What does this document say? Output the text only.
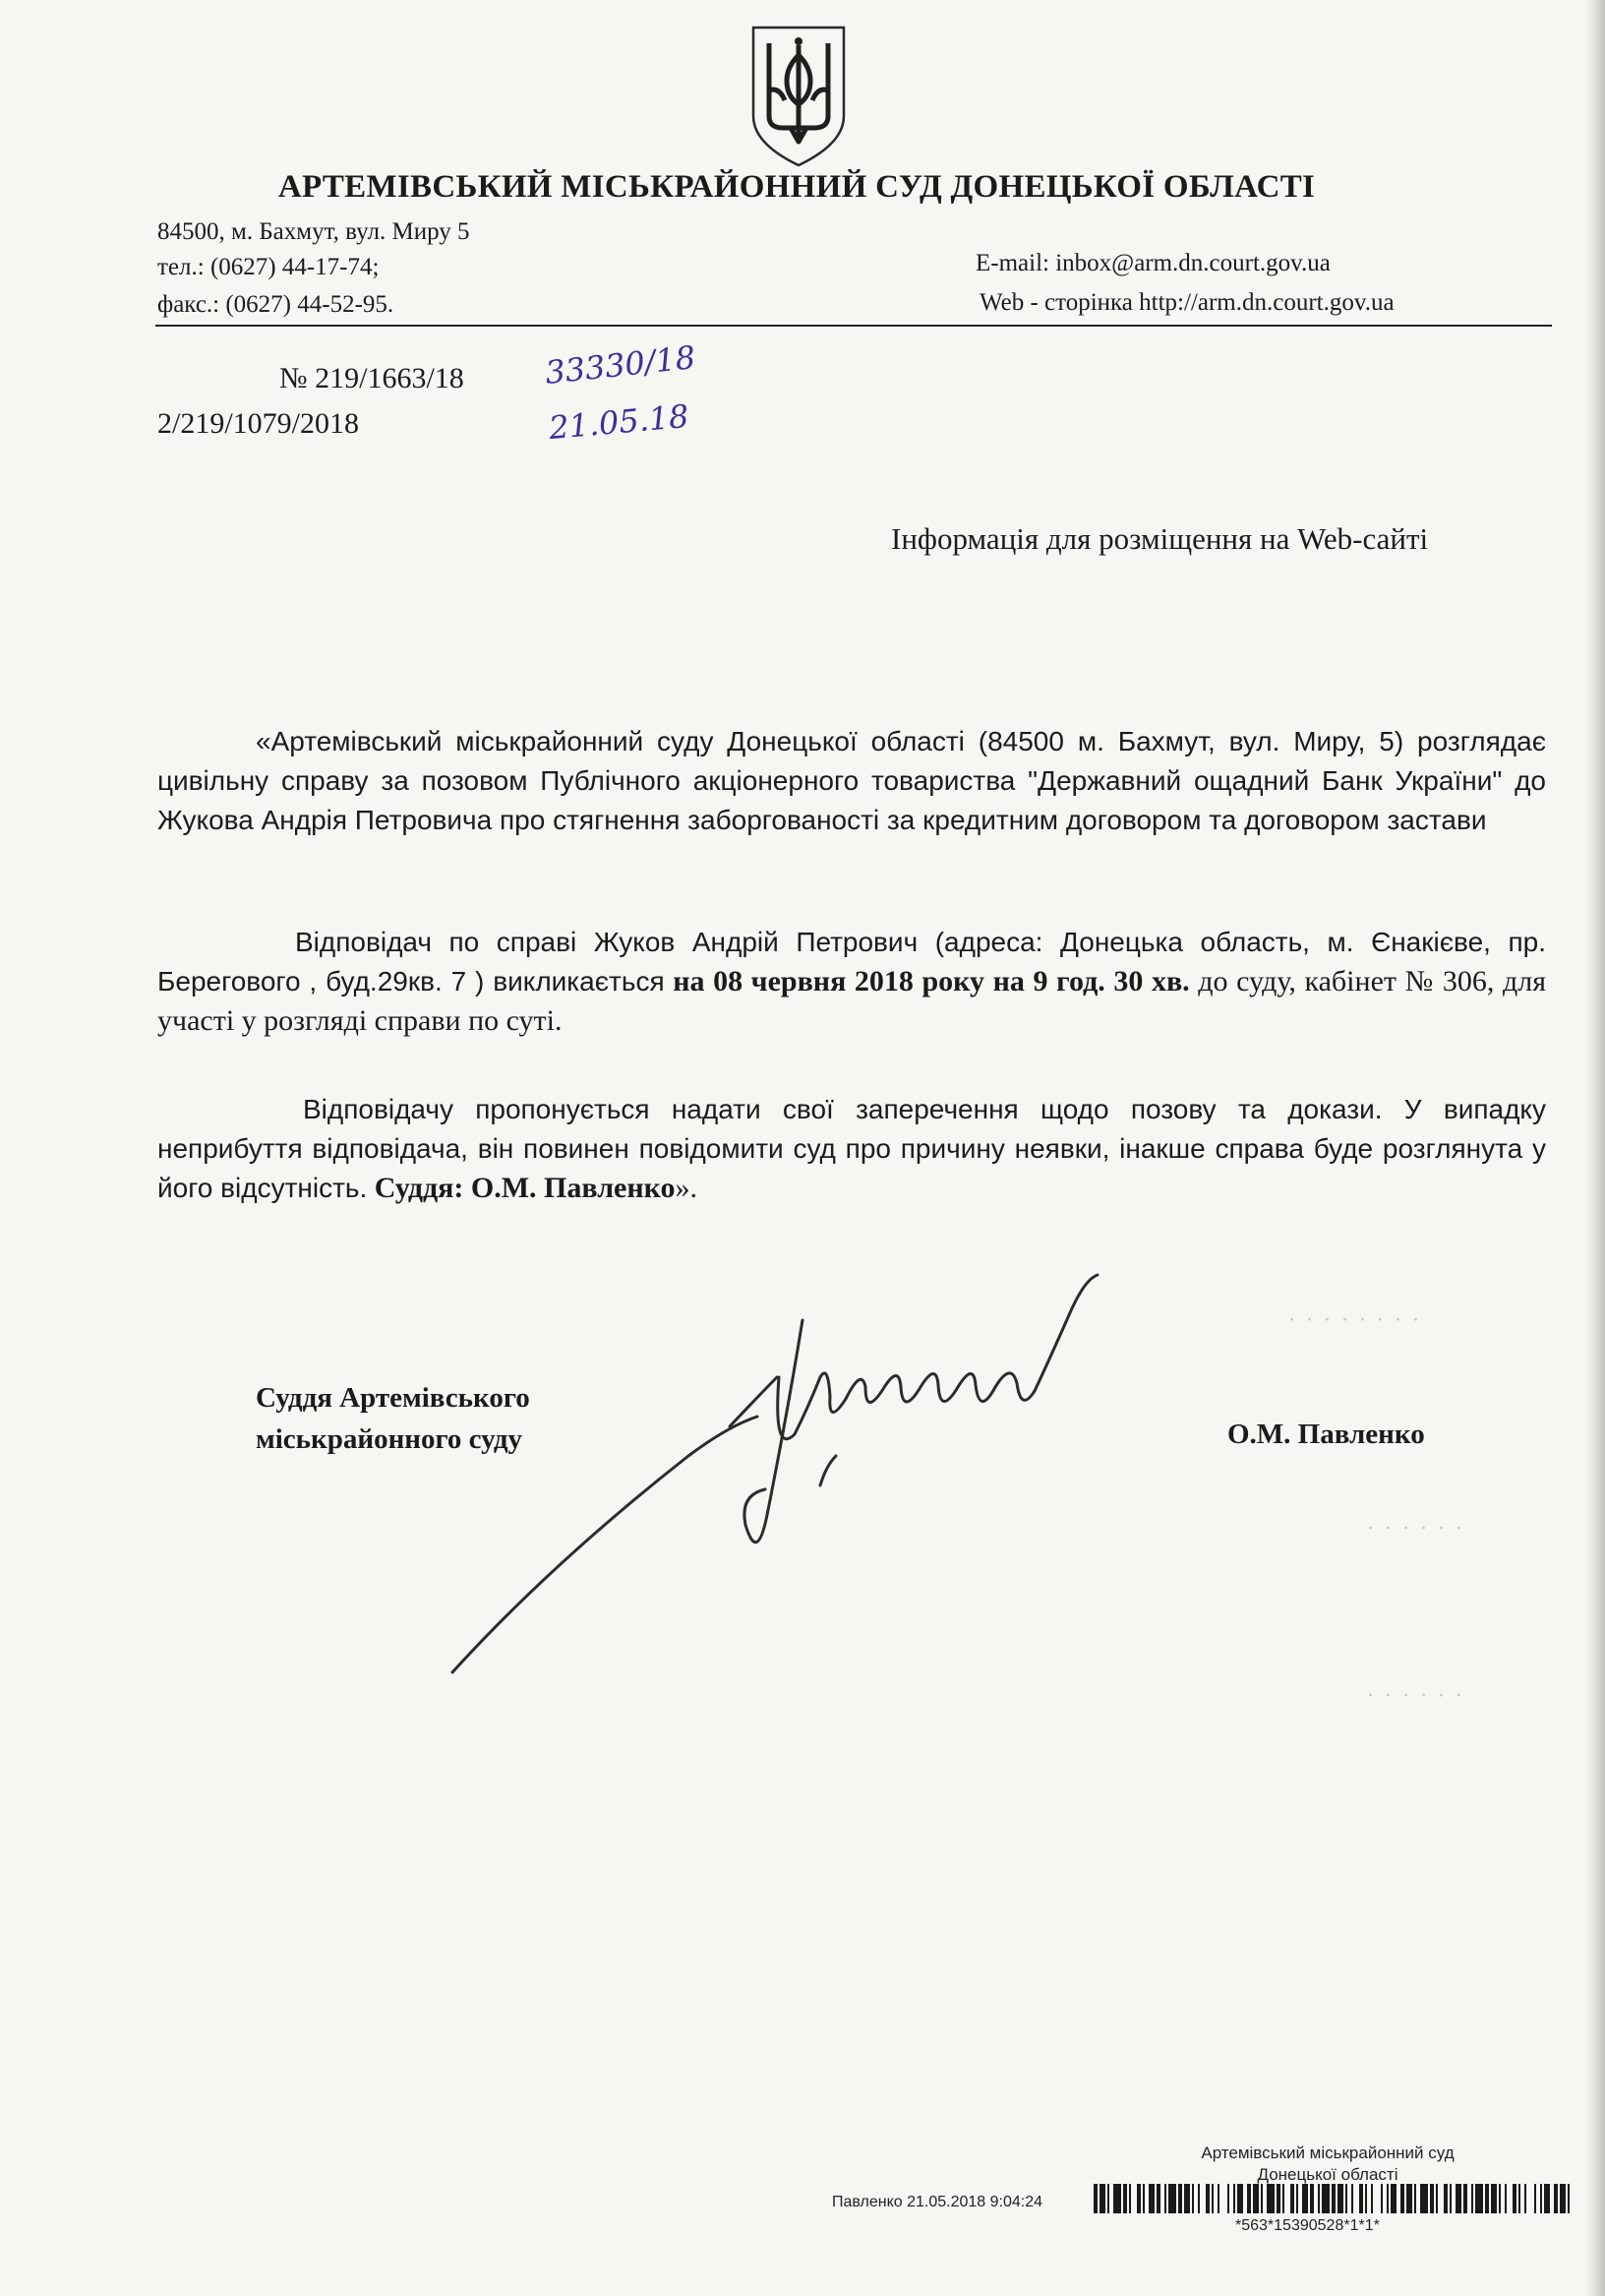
АРТЕМІВСЬКИЙ МІСЬКРАЙОННИЙ СУД ДОНЕЦЬКОЇ ОБЛАСТІ
84500, м. Бахмут, вул. Миру 5
тел.: (0627) 44-17-74;
факс.: (0627) 44-52-95.
E-mail: inbox@arm.dn.court.gov.ua
Web - сторінка http://arm.dn.court.gov.ua
№ 219/1663/18
2/219/1079/2018
33330/18
21.05.18
Інформація для розміщення на Web-сайті
«Артемівський міськрайонний суду Донецької області (84500 м. Бахмут, вул. Миру, 5) розглядає цивільну справу за позовом Публічного акціонерного товариства "Державний ощадний Банк України" до Жукова Андрія Петровича про стягнення заборгованості за кредитним договором та договором застави
Відповідач по справі Жуков Андрій Петрович (адреса: Донецька область, м. Єнакієве, пр. Берегового , буд.29кв. 7 ) викликається на 08 червня 2018 року на 9 год. 30 хв. до суду, кабінет № 306, для участі у розгляді справи по суті.
Відповідачу пропонується надати свої заперечення щодо позову та докази. У випадку неприбуття відповідача, він повинен повідомити суд про причину неявки, інакше справа буде розглянута у його відсутність. Суддя: О.М. Павленко».
Суддя Артемівського
міськрайонного суду	О.М. Павленко
· · · · · · · ·
· · · · · ·
· · · · · ·
Артемівський міськрайонний суд
Донецької області
Павленко 21.05.2018 9:04:24
*563*15390528*1*1*
